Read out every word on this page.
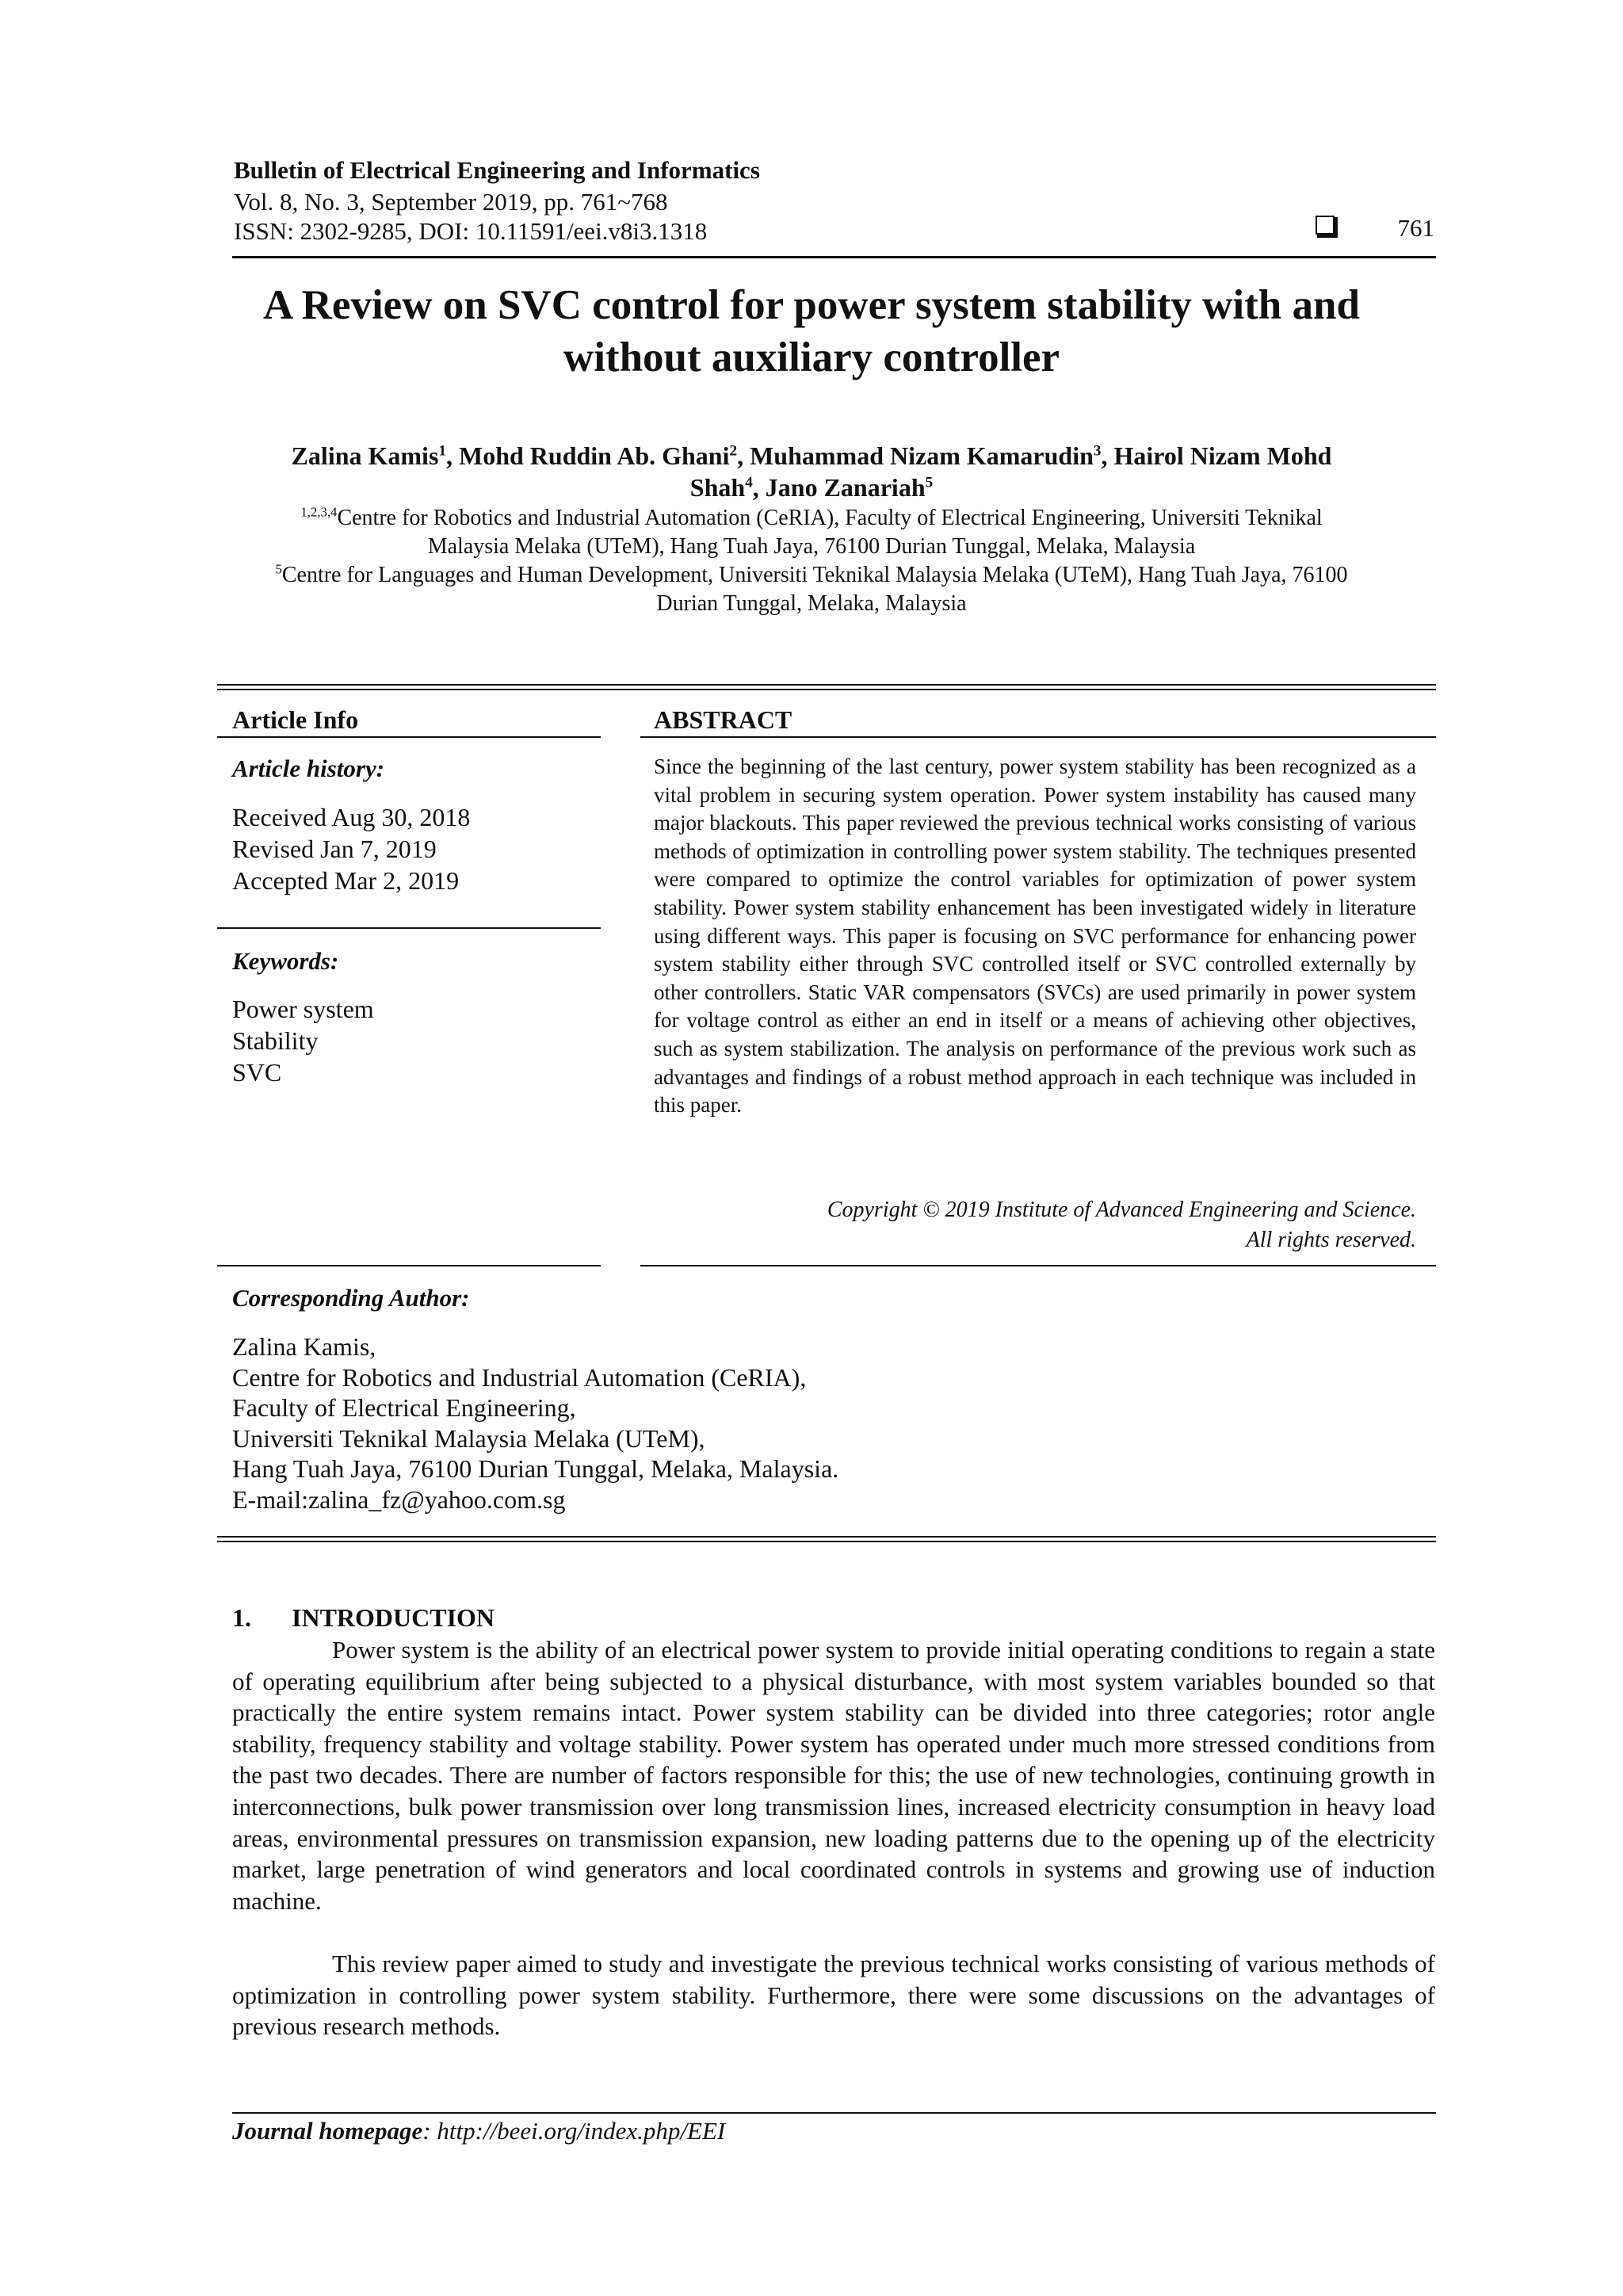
Bulletin of Electrical Engineering and Informatics
Vol. 8, No. 3, September 2019, pp. 761~768
ISSN: 2302-9285, DOI: 10.11591/eei.v8i3.1318	761
A Review on SVC control for power system stability with and
without auxiliary controller
Zalina Kamis$^1$, Mohd Ruddin Ab. Ghani$^2$, Muhammad Nizam Kamarudin$^3$, Hairol Nizam Mohd
Shah$^4$, Jano Zanariah$^5$
$^{1,2,3,4}$Centre for Robotics and Industrial Automation (CeRIA), Faculty of Electrical Engineering, Universiti Teknikal
Malaysia Melaka (UTeM), Hang Tuah Jaya, 76100 Durian Tunggal, Melaka, Malaysia
$^5$Centre for Languages and Human Development, Universiti Teknikal Malaysia Melaka (UTeM), Hang Tuah Jaya, 76100
Durian Tunggal, Melaka, Malaysia
Article Info	ABSTRACT
Article history:
Received Aug 30, 2018
Revised Jan 7, 2019
Accepted Mar 2, 2019
Keywords:
Power system
Stability
SVC
Since the beginning of the last century, power system stability has been recognized as a vital problem in securing system operation. Power system instability has caused many major blackouts. This paper reviewed the previous technical works consisting of various methods of optimization in controlling power system stability. The techniques presented were compared to optimize the control variables for optimization of power system stability. Power system stability enhancement has been investigated widely in literature using different ways. This paper is focusing on SVC performance for enhancing power system stability either through SVC controlled itself or SVC controlled externally by other controllers. Static VAR compensators (SVCs) are used primarily in power system for voltage control as either an end in itself or a means of achieving other objectives, such as system stabilization. The analysis on performance of the previous work such as advantages and findings of a robust method approach in each technique was included in this paper.
Copyright © 2019 Institute of Advanced Engineering and Science.
All rights reserved.
Corresponding Author:
Zalina Kamis,
Centre for Robotics and Industrial Automation (CeRIA),
Faculty of Electrical Engineering,
Universiti Teknikal Malaysia Melaka (UTeM),
Hang Tuah Jaya, 76100 Durian Tunggal, Melaka, Malaysia.
E-mail:zalina_fz@yahoo.com.sg
1. INTRODUCTION
Power system is the ability of an electrical power system to provide initial operating conditions to regain a state of operating equilibrium after being subjected to a physical disturbance, with most system variables bounded so that practically the entire system remains intact. Power system stability can be divided into three categories; rotor angle stability, frequency stability and voltage stability. Power system has operated under much more stressed conditions from the past two decades. There are number of factors responsible for this; the use of new technologies, continuing growth in interconnections, bulk power transmission over long transmission lines, increased electricity consumption in heavy load areas, environmental pressures on transmission expansion, new loading patterns due to the opening up of the electricity market, large penetration of wind generators and local coordinated controls in systems and growing use of induction machine.
This review paper aimed to study and investigate the previous technical works consisting of various methods of optimization in controlling power system stability. Furthermore, there were some discussions on the advantages of previous research methods.
Journal homepage: http://beei.org/index.php/EEI
